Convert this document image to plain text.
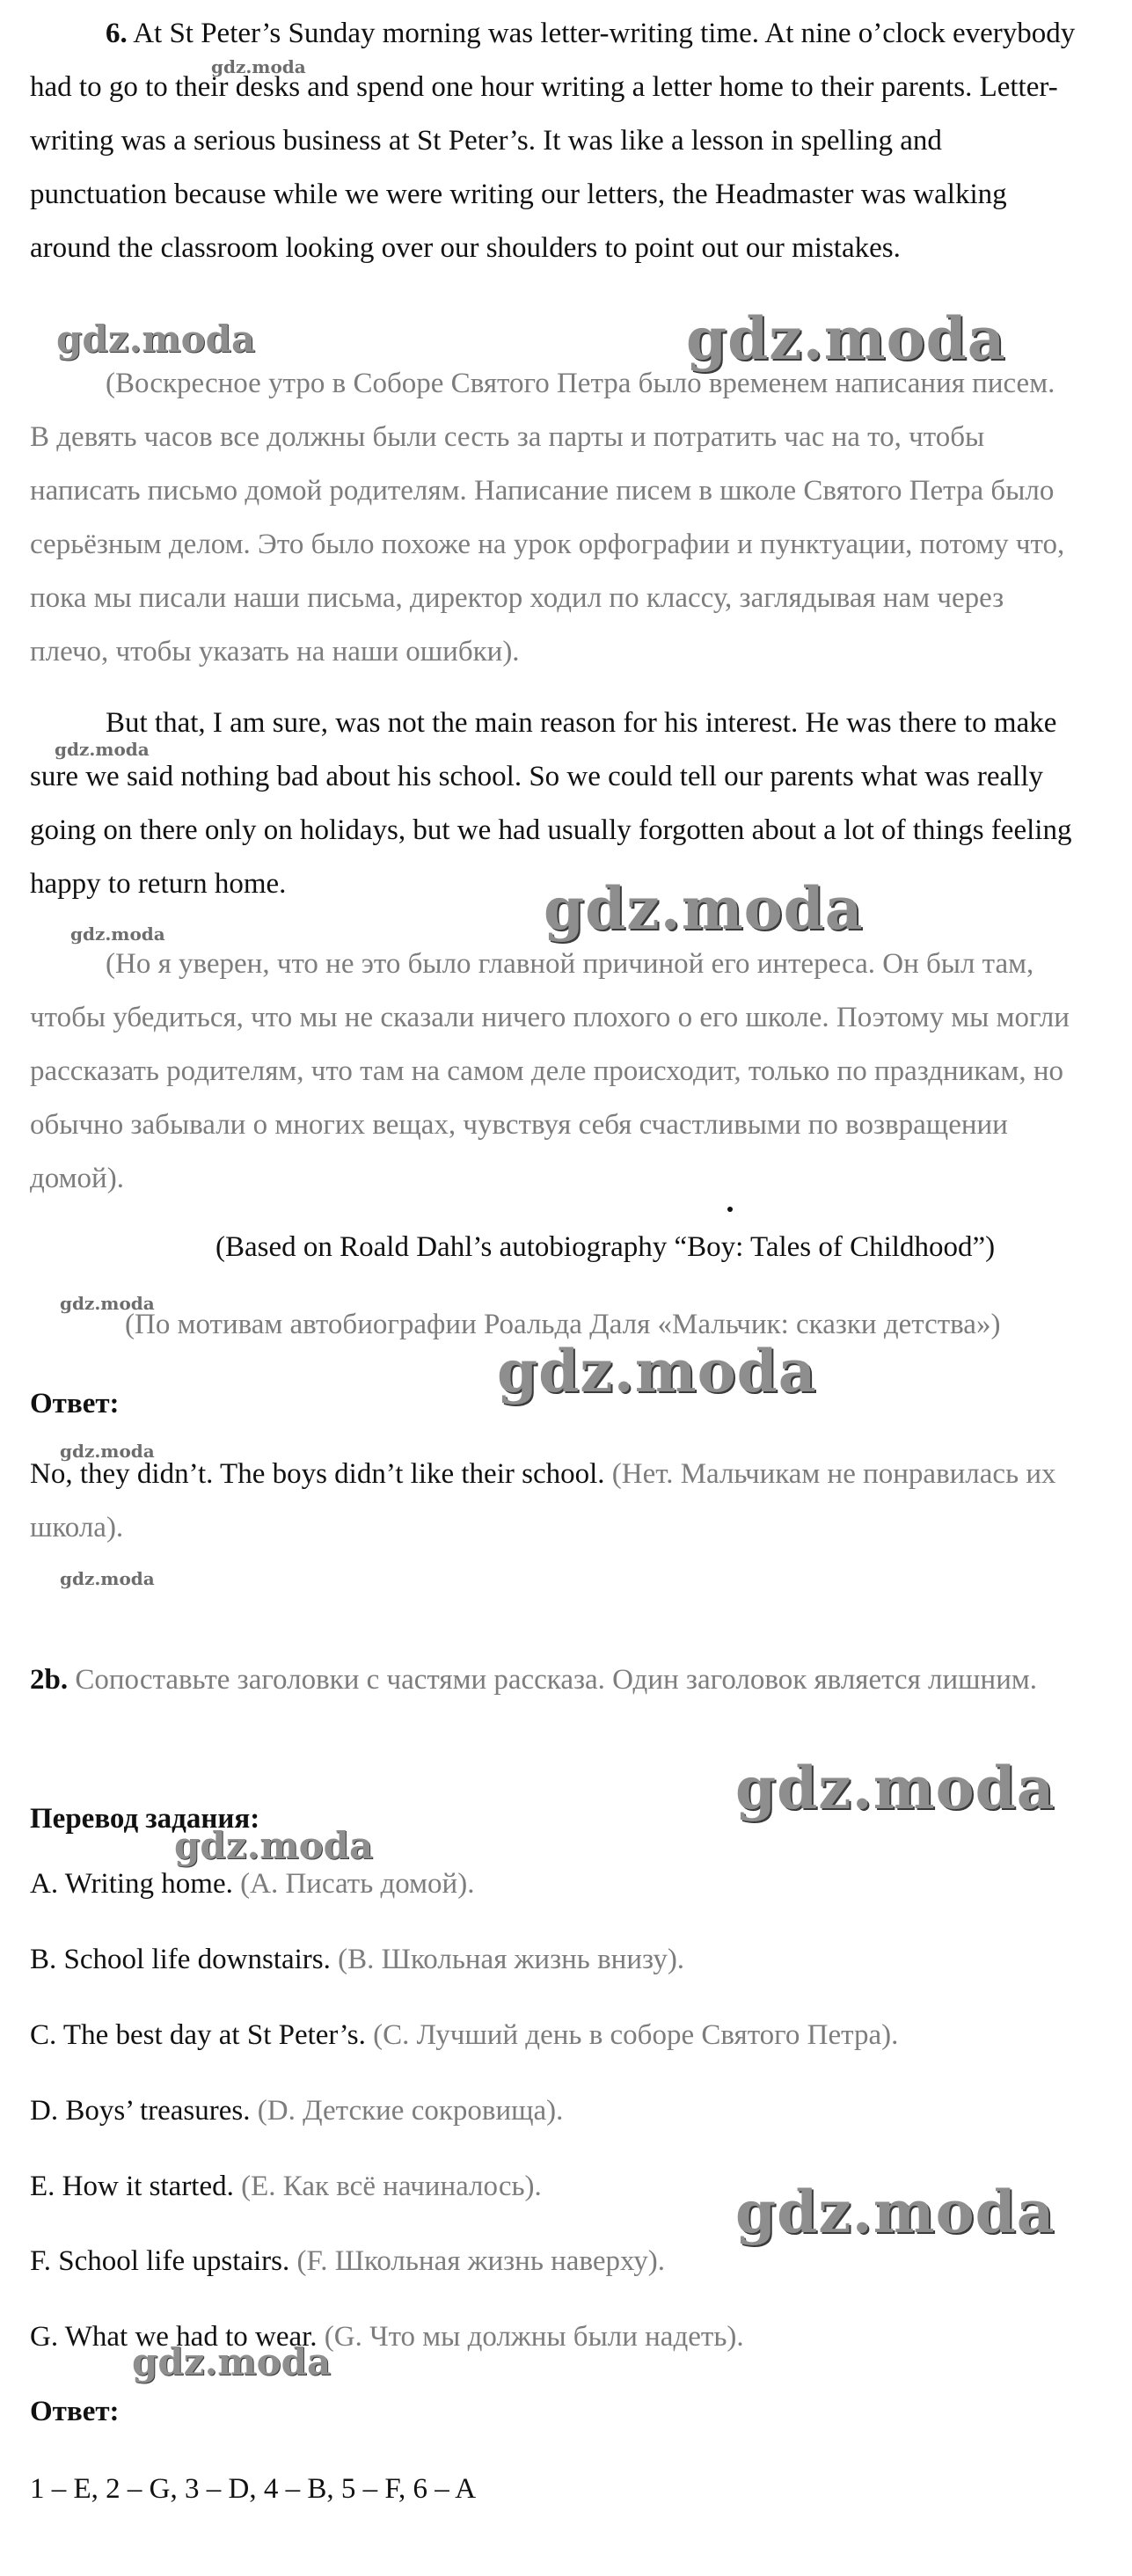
6. At St Peter’s Sunday morning was letter-writing time. At nine o’clock everybody had to go to their desks and spend one hour writing a letter home to their parents. Letter-writing was a serious business at St Peter’s. It was like a lesson in spelling and punctuation because while we were writing our letters, the Headmaster was walking around the classroom looking over our shoulders to point out our mistakes.

(Воскресное утро в Соборе Святого Петра было временем написания писем. В девять часов все должны были сесть за парты и потратить час на то, чтобы написать письмо домой родителям. Написание писем в школе Святого Петра было серьёзным делом. Это было похоже на урок орфографии и пунктуации, потому что, пока мы писали наши письма, директор ходил по классу, заглядывая нам через плечо, чтобы указать на наши ошибки).

But that, I am sure, was not the main reason for his interest. He was there to make sure we said nothing bad about his school. So we could tell our parents what was really going on there only on holidays, but we had usually forgotten about a lot of things feeling happy to return home.

(Но я уверен, что не это было главной причиной его интереса. Он был там, чтобы убедиться, что мы не сказали ничего плохого о его школе. Поэтому мы могли рассказать родителям, что там на самом деле происходит, только по праздникам, но обычно забывали о многих вещах, чувствуя себя счастливыми по возвращении домой).

(Based on Roald Dahl’s autobiography “Boy: Tales of Childhood”)

(По мотивам автобиографии Роальда Даля «Мальчик: сказки детства»)

Ответ:

No, they didn’t. The boys didn’t like their school. (Нет. Мальчикам не понравилась их школа).

2b. Сопоставьте заголовки с частями рассказа. Один заголовок является лишним.

Перевод задания:

A. Writing home. (А. Писать домой).

B. School life downstairs. (В. Школьная жизнь внизу).

C. The best day at St Peter’s. (С. Лучший день в соборе Святого Петра).

D. Boys’ treasures. (D. Детские сокровища).

E. How it started. (Е. Как всё начиналось).

F. School life upstairs. (F. Школьная жизнь наверху).

G. What we had to wear. (G. Что мы должны были надеть).

Ответ:

1 – E, 2 – G, 3 – D, 4 – B, 5 – F, 6 – A

gdz.moda
gdz.moda	gdz.moda
gdz.moda
gdz.moda
gdz.moda
gdz.moda
gdz.moda
gdz.moda
gdz.moda
gdz.moda
gdz.moda
gdz.moda
gdz.moda
